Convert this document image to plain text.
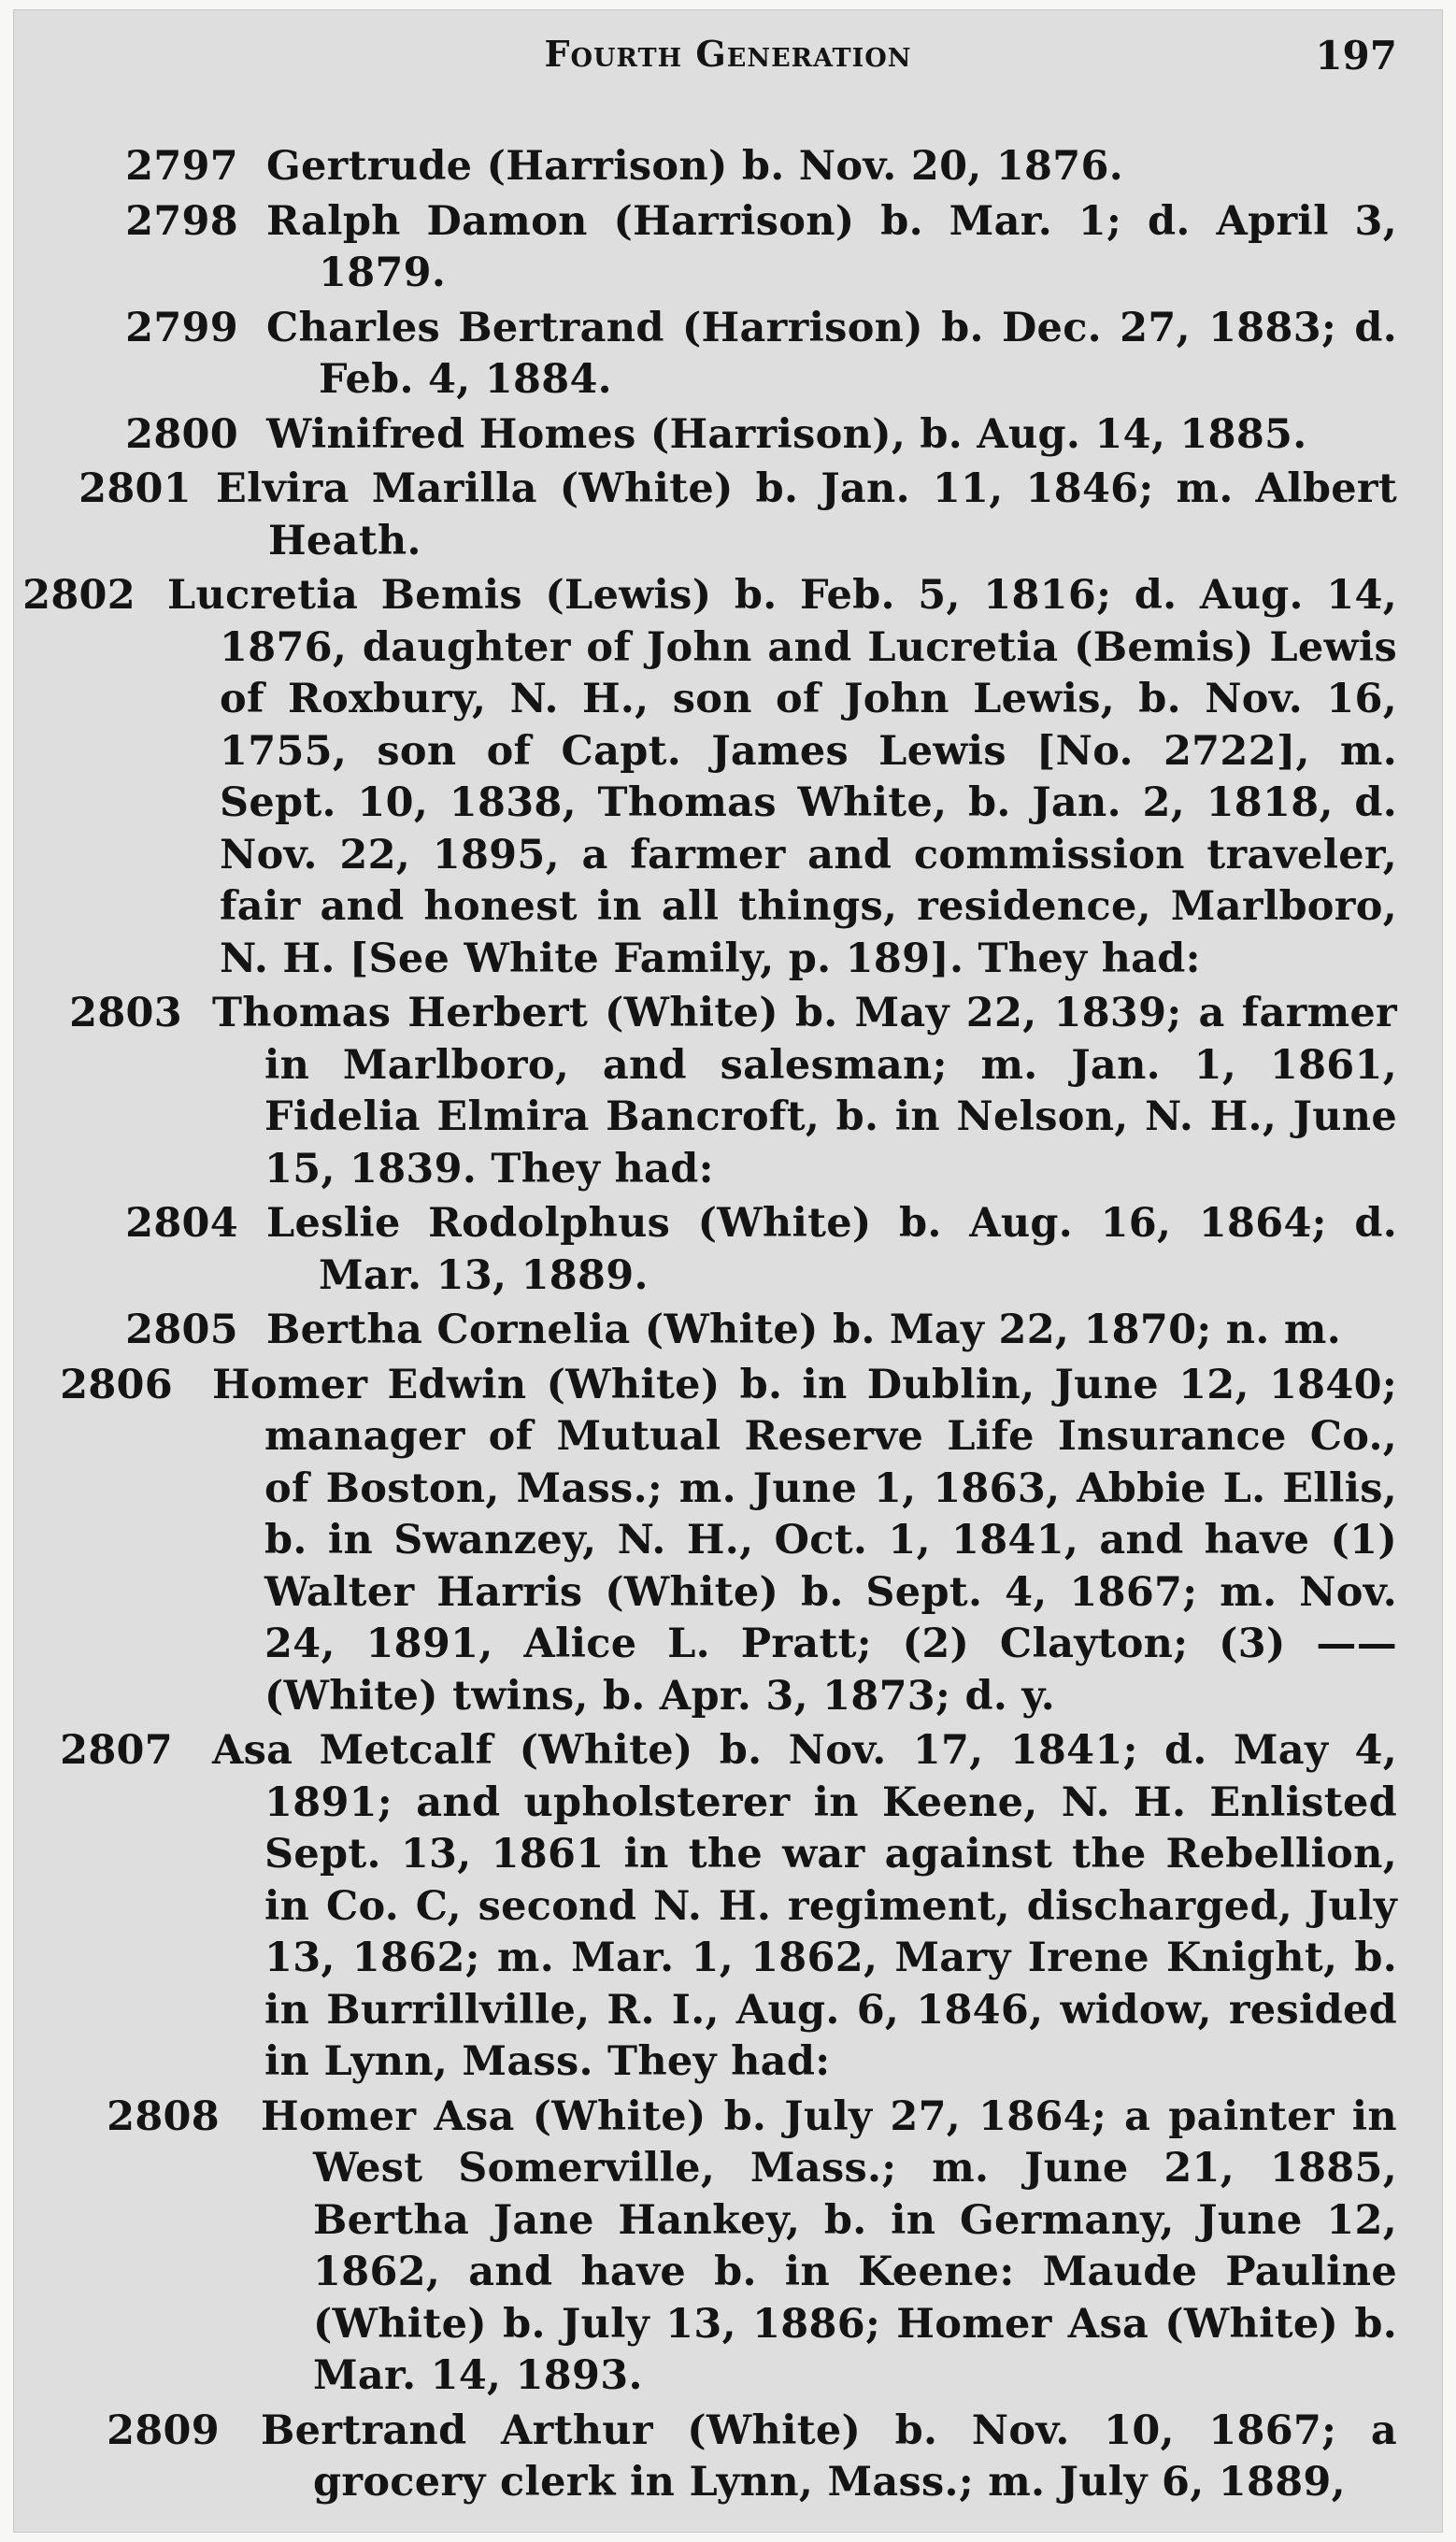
Fourth Generation	197
2797 Gertrude (Harrison) b. Nov. 20, 1876.
2798 Ralph Damon (Harrison) b. Mar. 1; d. April 3, 1879.
2799 Charles Bertrand (Harrison) b. Dec. 27, 1883; d. Feb. 4, 1884.
2800 Winifred Homes (Harrison), b. Aug. 14, 1885.
2801 Elvira Marilla (White) b. Jan. 11, 1846; m. Albert Heath.
2802 Lucretia Bemis (Lewis) b. Feb. 5, 1816; d. Aug. 14, 1876, daughter of John and Lucretia (Bemis) Lewis of Roxbury, N. H., son of John Lewis, b. Nov. 16, 1755, son of Capt. James Lewis [No. 2722], m. Sept. 10, 1838, Thomas White, b. Jan. 2, 1818, d. Nov. 22, 1895, a farmer and commission traveler, fair and honest in all things, residence, Marlboro, N. H. [See White Family, p. 189]. They had:
2803 Thomas Herbert (White) b. May 22, 1839; a farmer in Marlboro, and salesman; m. Jan. 1, 1861, Fidelia Elmira Bancroft, b. in Nelson, N. H., June 15, 1839. They had:
2804 Leslie Rodolphus (White) b. Aug. 16, 1864; d. Mar. 13, 1889.
2805 Bertha Cornelia (White) b. May 22, 1870; n. m.
2806 Homer Edwin (White) b. in Dublin, June 12, 1840; manager of Mutual Reserve Life Insurance Co., of Boston, Mass.; m. June 1, 1863, Abbie L. Ellis, b. in Swanzey, N. H., Oct. 1, 1841, and have (1) Walter Harris (White) b. Sept. 4, 1867; m. Nov. 24, 1891, Alice L. Pratt; (2) Clayton; (3) —— (White) twins, b. Apr. 3, 1873; d. y.
2807 Asa Metcalf (White) b. Nov. 17, 1841; d. May 4, 1891; and upholsterer in Keene, N. H. Enlisted Sept. 13, 1861 in the war against the Rebellion, in Co. C, second N. H. regiment, discharged, July 13, 1862; m. Mar. 1, 1862, Mary Irene Knight, b. in Burrillville, R. I., Aug. 6, 1846, widow, resided in Lynn, Mass. They had:
2808 Homer Asa (White) b. July 27, 1864; a painter in West Somerville, Mass.; m. June 21, 1885, Bertha Jane Hankey, b. in Germany, June 12, 1862, and have b. in Keene: Maude Pauline (White) b. July 13, 1886; Homer Asa (White) b. Mar. 14, 1893.
2809 Bertrand Arthur (White) b. Nov. 10, 1867; a grocery clerk in Lynn, Mass.; m. July 6, 1889,
